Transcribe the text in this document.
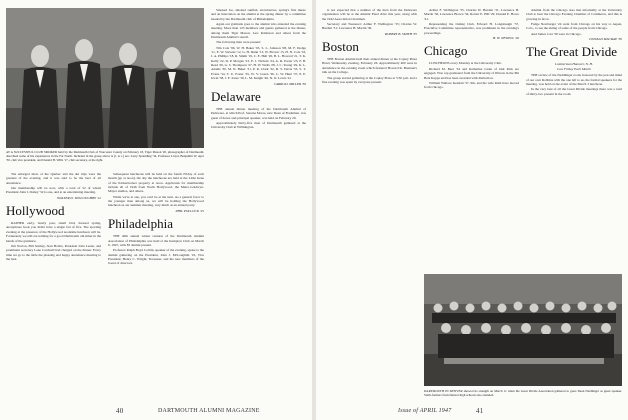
AT A SUCCESSFUL CLUB SMOKER held by the Dartmouth Club of Worcester County on February 18, Tiger Mason '20, photographer of Dartmouth, described some of his experiences in the Far North. Included in the group above is (l. to r.) are: Larry Spaulding '34, Professor Lloyd, Benjamin W. Ayer '30, club vice president, and Donald H. Wills '17, club secretary, at the right.

The enlarged shots of the Quebec and the ski trips were the greatest of the evening, and it was said to be the best of all attendance.

Our membership will be now, with a total of 52 of whom President John I. Dailey '32 is one, and at an entertaining meeting.

WALTER D. WILLOUGHBY '12
Hollywood

RATHER early, barely past, small bird, dressed spring, anonymous book you didn't have a single fad of five. The sporting evening at the presence of the Hollywood noontime luncheon will be. Fortunately we still are nothing for a good Dartmouth old-timer in the hands of the guidance.

Jim Norton, Bill Stamey, Stan Hobbs, President John Lester, and prominent secretary Lane Cardwell had charged on the dinner. Every time we go to the table the pleasing and happy attendance meeting to the best.

Subsequent luncheons will be held on the fourth Friday of each month (go at noon), the day the luncheons are held at the Little Irene of the Kickerbocker property at noon. Applicants for membership include all of 1946 from North Hollywood, the Metro-Goldwyn-Mayer studios, and others.

While we're at one, you can't be at the next. As a general favor to the younger men among us, we will be holding the Hollywood luncheon as our summer meeting, very much as an annual party.

PHIL POLLOCK '25
Philadelphia

THE 40th annual winter reunion of the Dartmouth Alumni Association of Philadelphia was held at the Kempton Club on March 6, 1947, with 85 alumni present.

Professor Ralph Boyd Coltrin, speaker of the evening, spoke to the alumni gathering on the President, John J. McLaughlin '16, Vice President, Henry C. Wright, Treasurer, and the new members of the board of directors.

Smoked Ice, smoked sunfish, strawberries, spring's first music and an innovation on the alumni at the spring dinner by a committee headed by the Dartmouth club of Philadelphia.

Again our gratitude goes to the alumni who attended the evening meeting. More than 125 members and guests gathered at the dinner, among them Tiger Mason, Lew Robinson and others from the Dartmouth Alumni Council.

The following men were present:

Tim Cole '96, W. H. Baker '03, S. L. Johnson '08, M. F. Dodge '11, E. W. Stevens '12, G. H. Dunn '13, W. Brown '15, H. N. Cole '16, J. A. Phillips '18, R. Smith '19, C. E. Hall '20, B. L. Howard '21, T. K. Kelly '22, D. P. Morgan '23, E. J. Nichols '24, A. R. Porter '25, F. B. Reed '26, G. S. Thompson '27, H. W. Wells '28, J. C. Young '29, K. L. Adams '30, M. N. Baker '31, P. R. Clark '32, R. S. Davis '33, S. T. Evans '34, T. U. Foster '35, W. V. Green '36, C. W. Hunt '37, P. E. Irwin '38, J. F. Jones '39, L. M. Knight '40, N. O. Lewis '41

CARROLL MILLER '39
Delaware

THE annual dinner meeting of the Dartmouth Alumni of Delaware, at which Prof. Stearns Morse, new Dean of Freshmen, was guest of honor and principal speaker, was held on February 20.

Approximately thirty-five men of Dartmouth gathered at the University Club in Wilmington.

40	DARTMOUTH ALUMNI MAGAZINE

is not expected that a number of the men from the Delaware organization will be at the Alumni Fund drive this year, along with the 1942 Association Chairman.

Secretary and Treasurer: Arthur F. Wellington '35; Charles W. Burdett '31; Lawrence H. Martin '36.

ROBERT B. SMITH '35
Boston

THE Boston Alumni held their annual dinner at the Copley Plaza Hotel, Wednesday evening, February 26. Approximately 400 were in attendance in the evening event which featured Howard R. Brennan's talk on the College.

The group started gathering at the Copley Plaza at 5:30 p.m. and a fine evening was spent by everyone present.

Arthur F. Wellington '35, Charles W. Burdett '31, Lawrence H. Martin '36, Lawrence Brown '34, Robert E. Hill '29, Donald E. Howe '41.

Representing the Outing Club, Edward H. Longabaugh '37, Executive Committee representative, was prominent in the evening's proceedings.

H. H. NEWELL '26
Chicago

LUNCHEONS every Monday at the University Club.

Richard M. Beer '34 and Katharine Grant of Oak Park are engaged. Was cap graduated from the University of Illinois in the Phi Beta Kappa and has been awarded with distinction.

William Wallace Kendall '37, 9th, and his wife Ruth have moved from Chicago.

Alumni from the Chicago area met informally at the University Club to hear the Chicago Evening Chamber of Commerce, and this is growing in favor.

Fudge Newburger '24 went from Chicago on his way to Aspen, Colo., to see the skiing of some of the people from Chicago.

And James Carr '36 were in Chicago.

DONALD MACRAE '30
The Great Divide
Lumberman Hanover, N. H.
Low Friday Each Month

THE review of the Neddlinger room, honored by the pen and mind of our own Robbins with the one left to us, the formal speakers for the meeting, was held on the event of the March 3 luncheon.

In the very best of all the Great Divide meetings there was a total of thirty-two present in the room.

DARTMOUTH IN DENVER showed its strength on March 11 when the Great Divide Association gathered to greet Dean Neidlinger as guest speaker. Sixth-formers from Denver high schools also attended.
Issue of APRIL 1947	41
